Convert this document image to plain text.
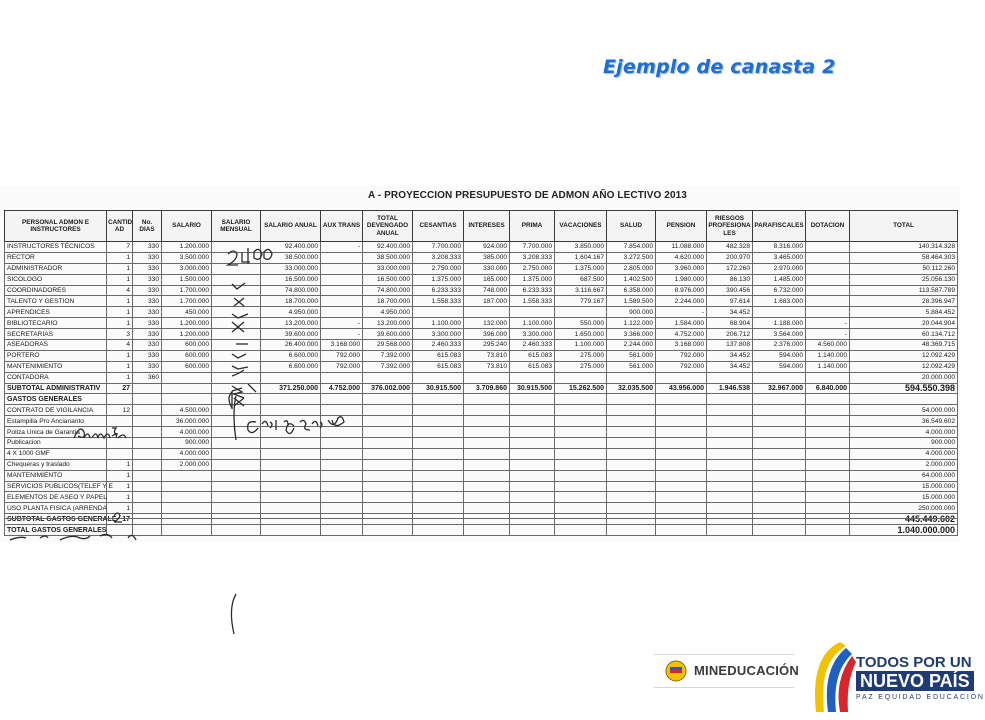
Ejemplo de canasta 2
A - PROYECCION PRESUPUESTO DE ADMON AÑO LECTIVO 2013
PERSONAL ADMON E INSTRUCTORES	CANTID AD	No. DIAS	SALARIO	SALARIO MENSUAL	SALARIO ANUAL	AUX TRANS	TOTAL DEVENGADO ANUAL	CESANTIAS	INTERESES	PRIMA	VACACIONES	SALUD	PENSION	RIESGOS PROFESIONA LES	PARAFISCALES	DOTACION	TOTAL
INSTRUCTORES TÉCNICOS	7	330	1.200.000		92.400.000	-	92.400.000	7.700.000	924.000	7.700.000	3.850.000	7.854.000	11.088.000	482.328	8.316.000		140.314.328
RECTOR	1	330	3.500.000		38.500.000		38.500.000	3.208.333	385.000	3.208.333	1.604.167	3.272.500	4.620.000	200.970	3.465.000		58.464.303
ADMINISTRADOR	1	330	3.000.000		33.000.000		33.000.000	2.750.000	330.000	2.750.000	1.375.000	2.805.000	3.960.000	172.260	2.970.000		50.112.260
SICOLOGO	1	330	1.500.000		16.500.000		16.500.000	1.375.000	165.000	1.375.000	687.500	1.402.500	1.980.000	86.130	1.485.000		25.056.130
COORDINADORES	4	330	1.700.000		74.800.000		74.800.000	6.233.333	748.000	6.233.333	3.116.667	6.358.000	8.976.000	390.456	6.732.000		113.587.789
TALENTO Y GESTION	1	330	1.700.000		18.700.000		18.700.000	1.558.333	187.000	1.558.333	779.167	1.589.500	2.244.000	97.614	1.683.000		28.396.947
APRENDICES	1	330	450.000		4.950.000		4.950.000					900.000	-	34.452			5.884.452
BIBLIOTECARIO	1	330	1.200.000		13.200.000	-	13.200.000	1.100.000	132.000	1.100.000	550.000	1.122.000	1.584.000	68.904	1.188.000	-	20.044.904
SECRETARIAS	3	330	1.200.000		39.600.000	-	39.600.000	3.300.000	396.000	3.300.000	1.650.000	3.366.000	4.752.000	206.712	3.564.000	-	60.134.712
ASEADORAS	4	330	600.000		26.400.000	3.168.000	29.568.000	2.460.333	295.240	2.460.333	1.100.000	2.244.000	3.168.000	137.808	2.376.000	4.560.000	48.369.715
PORTERO	1	330	600.000		6.600.000	792.000	7.392.000	615.083	73.810	615.083	275.000	561.000	792.000	34.452	594.000	1.140.000	12.092.429
MANTENIMIENTO	1	330	600.000		6.600.000	792.000	7.392.000	615.083	73.810	615.083	275.000	561.000	792.000	34.452	594.000	1.140.000	12.092.429
CONTADORA	1	360															20.000.000
SUBTOTAL ADMINISTRATIV	27				371.250.000	4.752.000	376.002.000	30.915.500	3.709.860	30.915.500	15.262.500	32.035.500	43.956.000	1.946.538	32.967.000	6.840.000	594.550.398
GASTOS GENERALES																	
CONTRATO DE VIGILANCIA	12		4.500.000														54.000.000
Estampilla Pro Anciananto			36.000.000														36.549.602
Poliza Unica de Garantia			4.000.000														4.000.000
Publicacion			900.000														900.000
4 X 1000 GMF			4.000.000														4.000.000
Chequeras y traslado	1		2.000.000														2.000.000
MANTENIMIENTO	1																64.000.000
SERVICIOS PUBLICOS(TELEF Y E	1																15.000.000
ELEMENTOS DE ASEO Y PAPEL	1																15.000.000
USO PLANTA FISICA (ARRENDA	1																250.000.000
SUBTOTAL GASTOS GENERALE	17																445.449.602
TOTAL GASTOS GENERALES																	1.040.000.000
MINEDUCACIÓN	TODOS POR UN
NUEVO PAÍS
PAZ EQUIDAD EDUCACIÓN
